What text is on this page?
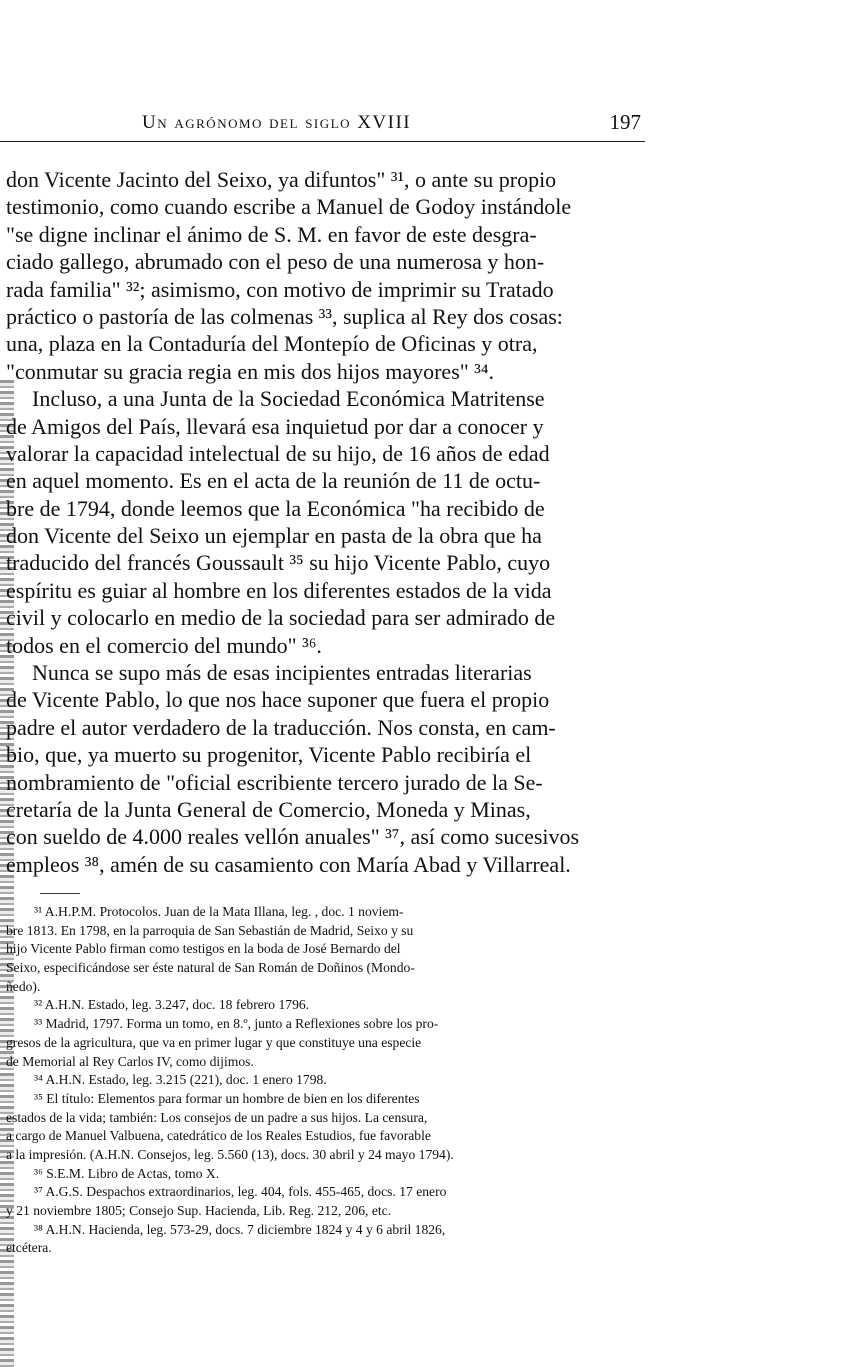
Un agrónomo del siglo XVIII	197
don Vicente Jacinto del Seixo, ya difuntos" ³¹, o ante su propio
testimonio, como cuando escribe a Manuel de Godoy instándole
"se digne inclinar el ánimo de S. M. en favor de este desgra-
ciado gallego, abrumado con el peso de una numerosa y hon-
rada familia" ³²; asimismo, con motivo de imprimir su Tratado
práctico o pastoría de las colmenas ³³, suplica al Rey dos cosas:
una, plaza en la Contaduría del Montepío de Oficinas y otra,
"conmutar su gracia regia en mis dos hijos mayores" ³⁴.
Incluso, a una Junta de la Sociedad Económica Matritense
de Amigos del País, llevará esa inquietud por dar a conocer y
valorar la capacidad intelectual de su hijo, de 16 años de edad
en aquel momento. Es en el acta de la reunión de 11 de octu-
bre de 1794, donde leemos que la Económica "ha recibido de
don Vicente del Seixo un ejemplar en pasta de la obra que ha
traducido del francés Goussault ³⁵ su hijo Vicente Pablo, cuyo
espíritu es guiar al hombre en los diferentes estados de la vida
civil y colocarlo en medio de la sociedad para ser admirado de
todos en el comercio del mundo" ³⁶.
Nunca se supo más de esas incipientes entradas literarias
de Vicente Pablo, lo que nos hace suponer que fuera el propio
padre el autor verdadero de la traducción. Nos consta, en cam-
bio, que, ya muerto su progenitor, Vicente Pablo recibiría el
nombramiento de "oficial escribiente tercero jurado de la Se-
cretaría de la Junta General de Comercio, Moneda y Minas,
con sueldo de 4.000 reales vellón anuales" ³⁷, así como sucesivos
empleos ³⁸, amén de su casamiento con María Abad y Villarreal.
³¹ A.H.P.M. Protocolos. Juan de la Mata Illana, leg. , doc. 1 noviem-
bre 1813. En 1798, en la parroquia de San Sebastián de Madrid, Seixo y su
hijo Vicente Pablo firman como testigos en la boda de José Bernardo del
Seixo, especificándose ser éste natural de San Román de Doñinos (Mondo-
ñedo).
³² A.H.N. Estado, leg. 3.247, doc. 18 febrero 1796.
³³ Madrid, 1797. Forma un tomo, en 8.º, junto a Reflexiones sobre los pro-
gresos de la agricultura, que va en primer lugar y que constituye una especie
de Memorial al Rey Carlos IV, como dijimos.
³⁴ A.H.N. Estado, leg. 3.215 (221), doc. 1 enero 1798.
³⁵ El título: Elementos para formar un hombre de bien en los diferentes
estados de la vida; también: Los consejos de un padre a sus hijos. La censura,
a cargo de Manuel Valbuena, catedrático de los Reales Estudios, fue favorable
a la impresión. (A.H.N. Consejos, leg. 5.560 (13), docs. 30 abril y 24 mayo 1794).
³⁶ S.E.M. Libro de Actas, tomo X.
³⁷ A.G.S. Despachos extraordinarios, leg. 404, fols. 455-465, docs. 17 enero
y 21 noviembre 1805; Consejo Sup. Hacienda, Lib. Reg. 212, 206, etc.
³⁸ A.H.N. Hacienda, leg. 573-29, docs. 7 diciembre 1824 y 4 y 6 abril 1826,
etcétera.
